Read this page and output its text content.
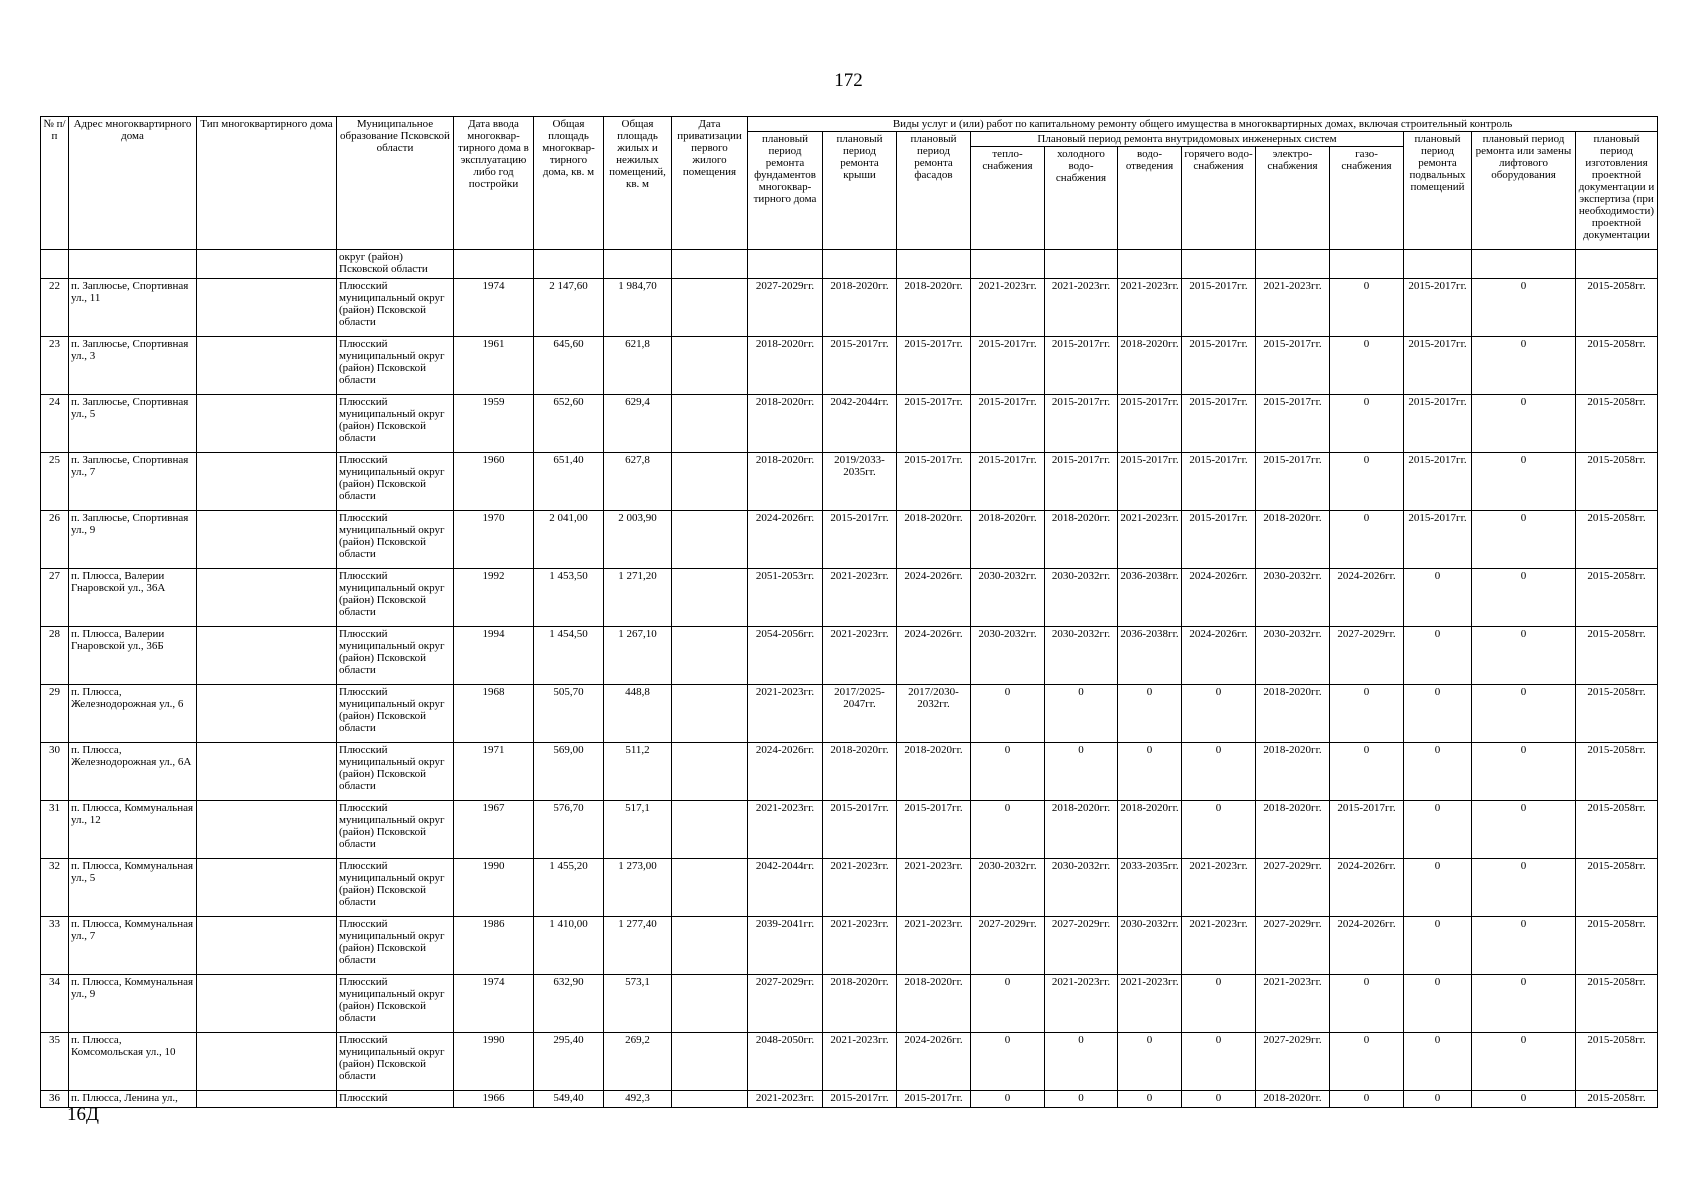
172
№ п/п	Адрес многоквартирного дома	Тип многоквартирного дома	Муниципальное образование Псковской области	Дата ввода многоквар-тирного дома в эксплуатацию либо год постройки	Общая площадь многоквар-тирного дома, кв. м	Общая площадь жилых и нежилых помещений, кв. м	Дата приватизации первого жилого помещения	Виды услуг и (или) работ по капитальному ремонту общего имущества в многоквартирных домах, включая строительный контроль											
								плановый период ремонта фундаментов многоквар-тирного дома	плановый период ремонта крыши	плановый период ремонта фасадов	Плановый период ремонта внутридомовых инженерных систем						плановый период ремонта подвальных помещений	плановый период ремонта или замены лифтового оборудования	плановый период изготовления проектной документации и экспертиза (при необходимости) проектной документации
											тепло-снабжения	холодного водо-снабжения	водо-отведения	горячего водо-снабжения	электро-снабжения	газо-снабжения			
			округ (район) Псковской области																
22	п. Заплюсье, Спортивная ул., 11		Плюсский муниципальный округ (район) Псковской области	1974	2 147,60	1 984,70		2027-2029гг.	2018-2020гг.	2018-2020гг.	2021-2023гг.	2021-2023гг.	2021-2023гг.	2015-2017гг.	2021-2023гг.	0	2015-2017гг.	0	2015-2058гг.
23	п. Заплюсье, Спортивная ул., 3		Плюсский муниципальный округ (район) Псковской области	1961	645,60	621,8		2018-2020гг.	2015-2017гг.	2015-2017гг.	2015-2017гг.	2015-2017гг.	2018-2020гг.	2015-2017гг.	2015-2017гг.	0	2015-2017гг.	0	2015-2058гг.
24	п. Заплюсье, Спортивная ул., 5		Плюсский муниципальный округ (район) Псковской области	1959	652,60	629,4		2018-2020гг.	2042-2044гг.	2015-2017гг.	2015-2017гг.	2015-2017гг.	2015-2017гг.	2015-2017гг.	2015-2017гг.	0	2015-2017гг.	0	2015-2058гг.
25	п. Заплюсье, Спортивная ул., 7		Плюсский муниципальный округ (район) Псковской области	1960	651,40	627,8		2018-2020гг.	2019/2033-2035гг.	2015-2017гг.	2015-2017гг.	2015-2017гг.	2015-2017гг.	2015-2017гг.	2015-2017гг.	0	2015-2017гг.	0	2015-2058гг.
26	п. Заплюсье, Спортивная ул., 9		Плюсский муниципальный округ (район) Псковской области	1970	2 041,00	2 003,90		2024-2026гг.	2015-2017гг.	2018-2020гг.	2018-2020гг.	2018-2020гг.	2021-2023гг.	2015-2017гг.	2018-2020гг.	0	2015-2017гг.	0	2015-2058гг.
27	п. Плюсса, Валерии Гнаровской ул., 36А		Плюсский муниципальный округ (район) Псковской области	1992	1 453,50	1 271,20		2051-2053гг.	2021-2023гг.	2024-2026гг.	2030-2032гг.	2030-2032гг.	2036-2038гг.	2024-2026гг.	2030-2032гг.	2024-2026гг.	0	0	2015-2058гг.
28	п. Плюсса, Валерии Гнаровской ул., 36Б		Плюсский муниципальный округ (район) Псковской области	1994	1 454,50	1 267,10		2054-2056гг.	2021-2023гг.	2024-2026гг.	2030-2032гг.	2030-2032гг.	2036-2038гг.	2024-2026гг.	2030-2032гг.	2027-2029гг.	0	0	2015-2058гг.
29	п. Плюсса, Железнодорожная ул., 6		Плюсский муниципальный округ (район) Псковской области	1968	505,70	448,8		2021-2023гг.	2017/2025-2047гг.	2017/2030-2032гг.	0	0	0	0	2018-2020гг.	0	0	0	2015-2058гг.
30	п. Плюсса, Железнодорожная ул., 6А		Плюсский муниципальный округ (район) Псковской области	1971	569,00	511,2		2024-2026гг.	2018-2020гг.	2018-2020гг.	0	0	0	0	2018-2020гг.	0	0	0	2015-2058гг.
31	п. Плюсса, Коммунальная ул., 12		Плюсский муниципальный округ (район) Псковской области	1967	576,70	517,1		2021-2023гг.	2015-2017гг.	2015-2017гг.	0	2018-2020гг.	2018-2020гг.	0	2018-2020гг.	2015-2017гг.	0	0	2015-2058гг.
32	п. Плюсса, Коммунальная ул., 5		Плюсский муниципальный округ (район) Псковской области	1990	1 455,20	1 273,00		2042-2044гг.	2021-2023гг.	2021-2023гг.	2030-2032гг.	2030-2032гг.	2033-2035гг.	2021-2023гг.	2027-2029гг.	2024-2026гг.	0	0	2015-2058гг.
33	п. Плюсса, Коммунальная ул., 7		Плюсский муниципальный округ (район) Псковской области	1986	1 410,00	1 277,40		2039-2041гг.	2021-2023гг.	2021-2023гг.	2027-2029гг.	2027-2029гг.	2030-2032гг.	2021-2023гг.	2027-2029гг.	2024-2026гг.	0	0	2015-2058гг.
34	п. Плюсса, Коммунальная ул., 9		Плюсский муниципальный округ (район) Псковской области	1974	632,90	573,1		2027-2029гг.	2018-2020гг.	2018-2020гг.	0	2021-2023гг.	2021-2023гг.	0	2021-2023гг.	0	0	0	2015-2058гг.
35	п. Плюсса, Комсомольская ул., 10		Плюсский муниципальный округ (район) Псковской области	1990	295,40	269,2		2048-2050гг.	2021-2023гг.	2024-2026гг.	0	0	0	0	2027-2029гг.	0	0	0	2015-2058гг.
36	п. Плюсса, Ленина ул.,		Плюсский	1966	549,40	492,3		2021-2023гг.	2015-2017гг.	2015-2017гг.	0	0	0	0	2018-2020гг.	0	0	0	2015-2058гг.
16Д
